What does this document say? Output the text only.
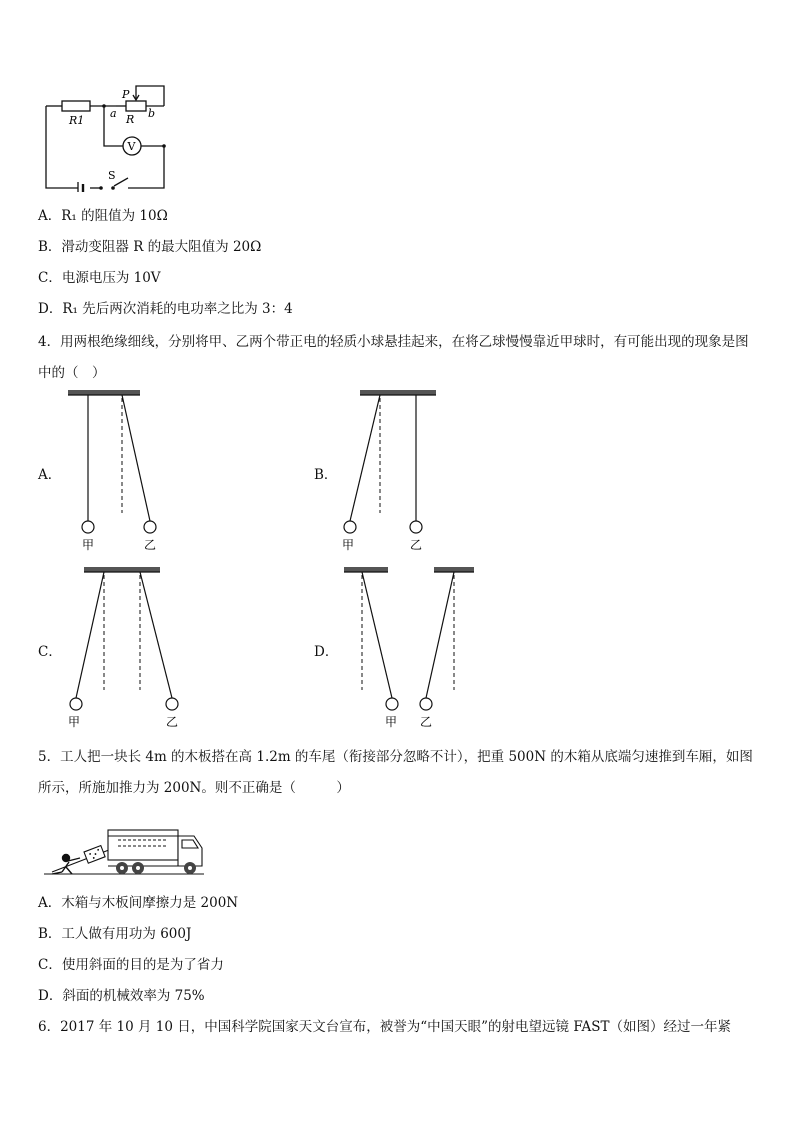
R1
P
a R b
V
S
A．R₁ 的阻值为 10Ω
B．滑动变阻器 R 的最大阻值为 20Ω
C．电源电压为 10V
D．R₁ 先后两次消耗的电功率之比为 3：4
4．用两根绝缘细线，分别将甲、乙两个带正电的轻质小球悬挂起来，在将乙球慢慢靠近甲球时，有可能出现的现象是图中的（　）
A．	B．
C．	D．
甲	乙	甲	乙
甲	乙	甲 乙
5．工人把一块长 4m 的木板搭在高 1.2m 的车尾（衔接部分忽略不计），把重 500N 的木箱从底端匀速推到车厢，如图所示，所施加推力为 200N。则不正确是（　　　）
A．木箱与木板间摩擦力是 200N
B．工人做有用功为 600J
C．使用斜面的目的是为了省力
D．斜面的机械效率为 75%
6．2017 年 10 月 10 日，中国科学院国家天文台宣布，被誉为“中国天眼”的射电望远镜 FAST（如图）经过一年紧
